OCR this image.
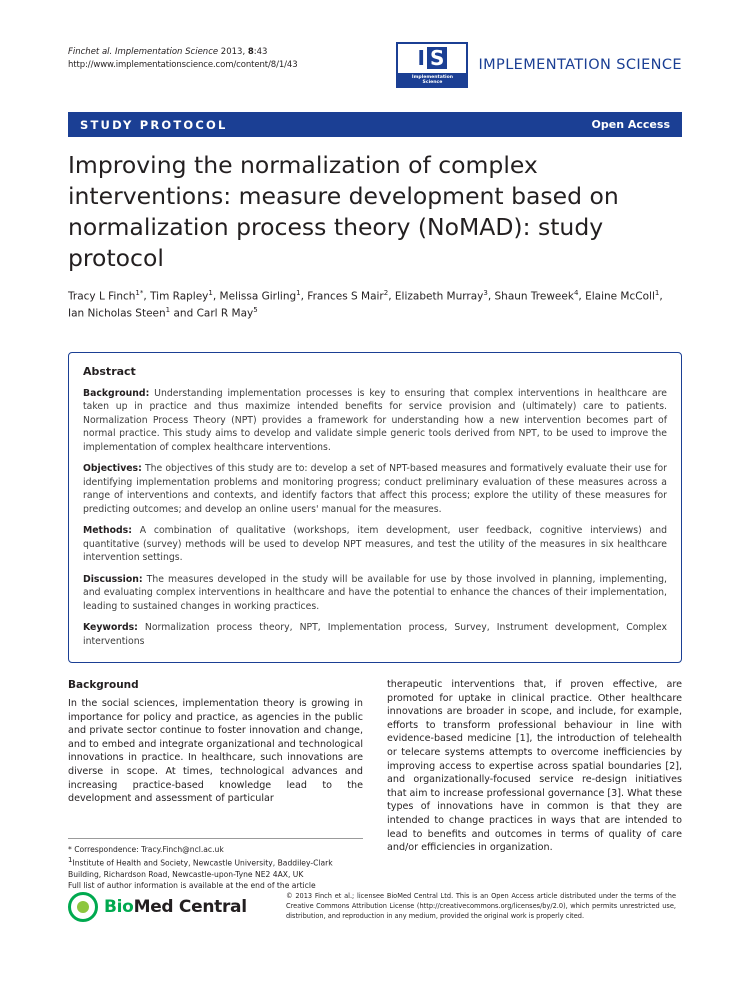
Finchet al. Implementation Science 2013, 8:43
http://www.implementationscience.com/content/8/1/43	I S
Implementation
Science
IMPLEMENTATION SCIENCE
STUDY PROTOCOL	Open Access
Improving the normalization of complex interventions: measure development based on normalization process theory (NoMAD): study protocol
Tracy L Finch$^{1*}$, Tim Rapley$^1$, Melissa Girling$^1$, Frances S Mair$^2$, Elizabeth Murray$^3$, Shaun Treweek$^4$, Elaine McColl$^1$, Ian Nicholas Steen$^1$ and Carl R May$^5$
Abstract

Background: Understanding implementation processes is key to ensuring that complex interventions in healthcare are taken up in practice and thus maximize intended benefits for service provision and (ultimately) care to patients. Normalization Process Theory (NPT) provides a framework for understanding how a new intervention becomes part of normal practice. This study aims to develop and validate simple generic tools derived from NPT, to be used to improve the implementation of complex healthcare interventions.

Objectives: The objectives of this study are to: develop a set of NPT-based measures and formatively evaluate their use for identifying implementation problems and monitoring progress; conduct preliminary evaluation of these measures across a range of interventions and contexts, and identify factors that affect this process; explore the utility of these measures for predicting outcomes; and develop an online users' manual for the measures.

Methods: A combination of qualitative (workshops, item development, user feedback, cognitive interviews) and quantitative (survey) methods will be used to develop NPT measures, and test the utility of the measures in six healthcare intervention settings.

Discussion: The measures developed in the study will be available for use by those involved in planning, implementing, and evaluating complex interventions in healthcare and have the potential to enhance the chances of their implementation, leading to sustained changes in working practices.

Keywords: Normalization process theory, NPT, Implementation process, Survey, Instrument development, Complex interventions

Background

In the social sciences, implementation theory is growing in importance for policy and practice, as agencies in the public and private sector continue to foster innovation and change, and to embed and integrate organizational and technological innovations in practice. In healthcare, such innovations are diverse in scope. At times, technological advances and increasing practice-based knowledge lead to the development and assessment of particular

therapeutic interventions that, if proven effective, are promoted for uptake in clinical practice. Other healthcare innovations are broader in scope, and include, for example, efforts to transform professional behaviour in line with evidence-based medicine [1], the introduction of telehealth or telecare systems attempts to overcome inefficiencies by improving access to expertise across spatial boundaries [2], and organizationally-focused service re-design initiatives that aim to increase professional governance [3]. What these types of innovations have in common is that they are intended to change practices in ways that are intended to lead to benefits and outcomes in terms of quality of care and/or efficiencies in organization.

* Correspondence: Tracy.Finch@ncl.ac.uk
$^1$Institute of Health and Society, Newcastle University, Baddiley-Clark Building, Richardson Road, Newcastle-upon-Tyne NE2 4AX, UK
Full list of author information is available at the end of the article
BioMed Central
© 2013 Finch et al.; licensee BioMed Central Ltd. This is an Open Access article distributed under the terms of the Creative Commons Attribution License (http://creativecommons.org/licenses/by/2.0), which permits unrestricted use, distribution, and reproduction in any medium, provided the original work is properly cited.
